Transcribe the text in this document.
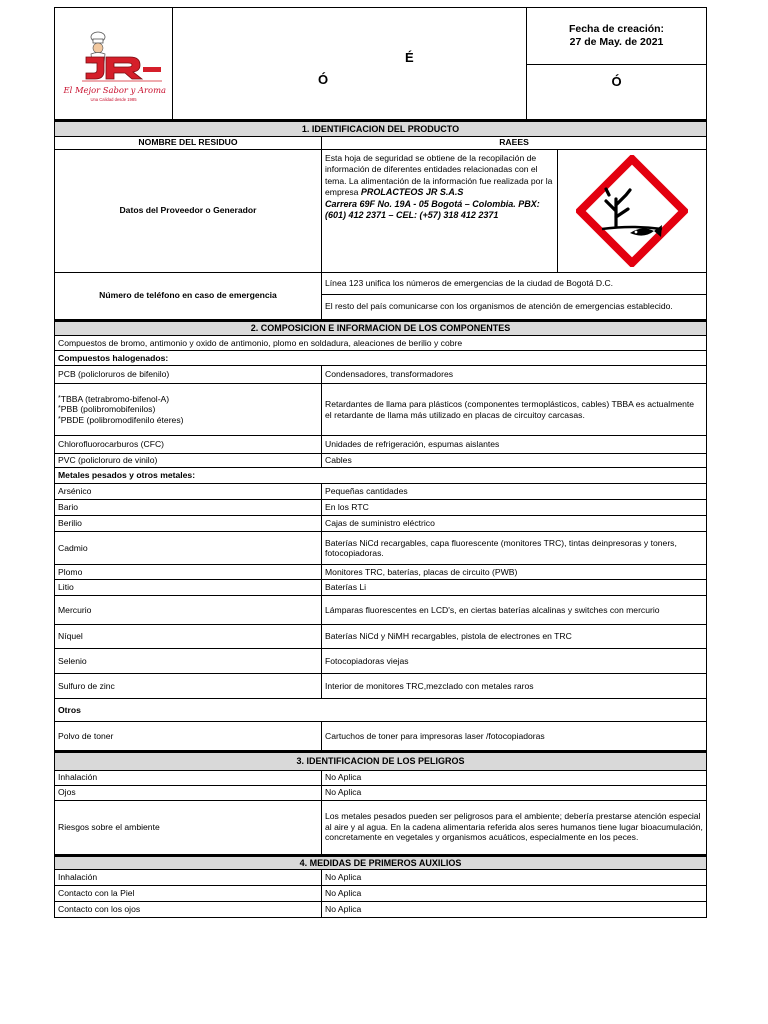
El Mejor Sabor y Aroma
Una Calidad desde 1985

É
Ó

Fecha de creación:
27 de May. de 2021

Ó
1. IDENTIFICACION DEL PRODUCTO		
NOMBRE DEL RESIDUO	RAEES	
Datos del Proveedor o Generador	Esta hoja de seguridad se obtiene de la recopilación de información de diferentes entidades relacionadas con el tema. La alimentación de la información fue realizada por la empresa PROLACTEOS JR S.A.S
Carrera 69F No. 19A - 05 Bogotá – Colombia. PBX: (601) 412 2371 – CEL: (+57) 318 412 2371

Número de teléfono en caso de emergencia	Línea 123 unifica los números de emergencias de la ciudad de Bogotá D.C.	
	El resto del país comunicarse con los organismos de atención de emergencias establecido.	
2. COMPOSICION E INFORMACION DE LOS COMPONENTES	
Compuestos de bromo, antimonio y oxido de antimonio, plomo en soldadura, aleaciones de berilio y cobre	
Compuestos halogenados:	
PCB (policloruros de bifenilo)	Condensadores, transformadores

*TBBA (tetrabromo-bifenol-A)
*PBB (polibromobifenilos)
*PBDE (polibromodifenilo éteres)	Retardantes de llama para plásticos (componentes termoplásticos, cables) TBBA es actualmente el retardante de llama más utilizado en placas de circuitoy carcasas.
Chlorofluorocarburos (CFC)	Unidades de refrigeración, espumas aislantes
PVC (policloruro de vinilo)	Cables
Metales pesados y otros metales:	
Arsénico	Pequeñas cantidades
Bario	En los RTC
Berilio	Cajas de suministro eléctrico
Cadmio	Baterías NiCd recargables, capa fluorescente (monitores TRC), tintas deinpresoras y toners, fotocopiadoras.
Plomo	Monitores TRC, baterías, placas de circuito (PWB)
Litio	Baterías Li
Mercurio	Lámparas fluorescentes en LCD's, en ciertas baterías alcalinas y switches con mercurio
Níquel	Baterías NiCd y NiMH recargables, pistola de electrones en TRC
Selenio	Fotocopiadoras viejas
Sulfuro de zinc	Interior de monitores TRC,mezclado con metales raros
Otros	
Polvo de toner	Cartuchos de toner para impresoras laser /fotocopiadoras
3. IDENTIFICACION DE LOS PELIGROS	
Inhalación	No Aplica
Ojos	No Aplica
Riesgos sobre el ambiente	Los metales pesados pueden ser peligrosos para el ambiente; debería prestarse atención especial al aire y al agua. En la cadena alimentaria referida alos seres humanos tiene lugar bioacumulación, concretamente en vegetales y organismos acuáticos, especialmente en los peces.
4. MEDIDAS DE PRIMEROS AUXILIOS	
Inhalación	No Aplica
Contacto con la Piel	No Aplica
Contacto con los ojos	No Aplica
